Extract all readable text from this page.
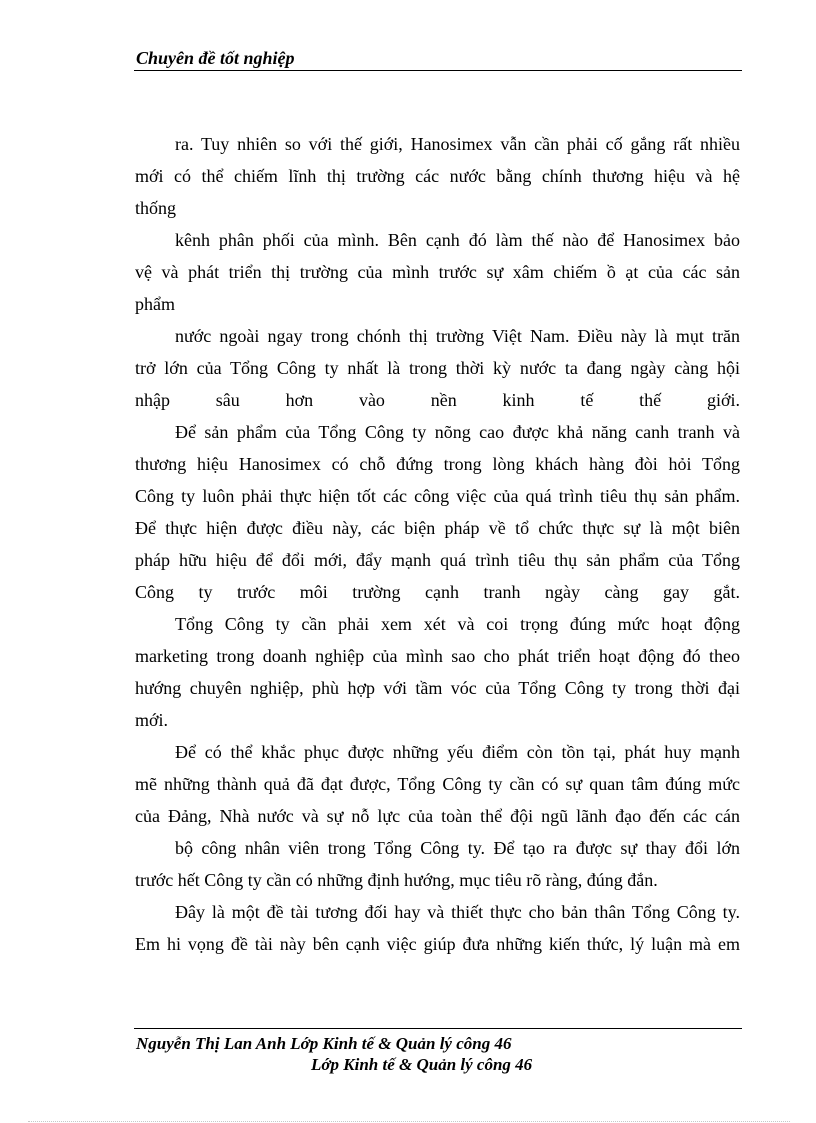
Chuyên đề tốt nghiệp

ra. Tuy nhiên so với thế giới, Hanosimex vẫn cần phải cố gắng rất nhiều

mới có thể chiếm lĩnh thị trường các nước bằng chính thương hiệu và hệ

thống

kênh phân phối của mình. Bên cạnh đó làm thế nào để Hanosimex bảo

vệ và phát triển thị trường của mình trước sự xâm chiếm ồ ạt của các sản

phẩm

nước ngoài ngay trong chónh thị trường Việt Nam. Điều này là mụt trăn

trở lớn của Tổng Công ty nhất là trong thời kỳ nước ta đang ngày càng hội

nhập sâu hơn vào nền kinh tế thế giới.

Để sản phẩm của Tổng Công ty nõng cao được khả năng canh tranh và

thương hiệu Hanosimex có chỗ đứng trong lòng khách hàng đòi hỏi Tổng

Công ty luôn phải thực hiện tốt các công việc của quá trình tiêu thụ sản phẩm.

Để thực hiện được điều này, các biện pháp về tổ chức thực sự là một biên

pháp hữu hiệu để đổi mới, đẩy mạnh quá trình tiêu thụ sản phẩm của Tổng

Công ty trước môi trường cạnh tranh ngày càng gay gắt.

Tổng Công ty cần phải xem xét và coi trọng đúng mức hoạt động

marketing trong doanh nghiệp của mình sao cho phát triển hoạt động đó theo

hướng chuyên nghiệp, phù hợp với tầm vóc của Tổng Công ty trong thời đại

mới.

Để có thể khắc phục được những yếu điểm còn tồn tại, phát huy mạnh

mẽ những thành quả đã đạt được, Tổng Công ty cần có sự quan tâm đúng mức

của Đảng, Nhà nước và sự nỗ lực của toàn thể đội ngũ lãnh đạo đến các cán

bộ công nhân viên trong Tổng Công ty. Để tạo ra được sự thay đổi lớn

trước hết Công ty cần có những định hướng, mục tiêu rõ ràng, đúng đắn.

Đây là một đề tài tương đối hay và thiết thực cho bản thân Tổng Công ty.

Em hi vọng đề tài này bên cạnh việc giúp đưa những kiến thức, lý luận mà em

Nguyễn Thị Lan Anh Lớp Kinh tế & Quản lý công 46
Lớp Kinh tế & Quản lý công 46
